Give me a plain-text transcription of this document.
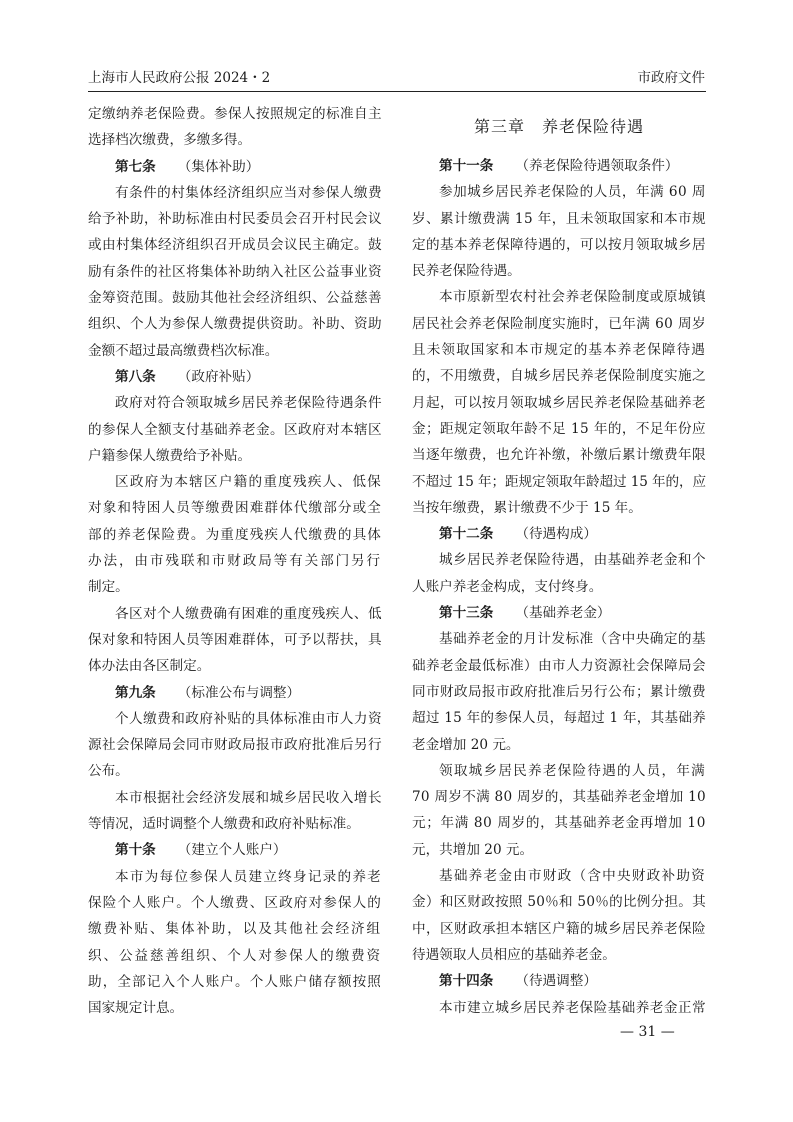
上海市人民政府公报 2024・2	市政府文件
定缴纳养老保险费。参保人按照规定的标准自主
选择档次缴费，多缴多得。
第七条 （集体补助）
有条件的村集体经济组织应当对参保人缴费
给予补助，补助标准由村民委员会召开村民会议
或由村集体经济组织召开成员会议民主确定。鼓
励有条件的社区将集体补助纳入社区公益事业资
金筹资范围。鼓励其他社会经济组织、公益慈善
组织、个人为参保人缴费提供资助。补助、资助
金额不超过最高缴费档次标准。
第八条 （政府补贴）
政府对符合领取城乡居民养老保险待遇条件
的参保人全额支付基础养老金。区政府对本辖区
户籍参保人缴费给予补贴。
区政府为本辖区户籍的重度残疾人、低保
对象和特困人员等缴费困难群体代缴部分或全
部的养老保险费。为重度残疾人代缴费的具体
办法，由市残联和市财政局等有关部门另行
制定。
各区对个人缴费确有困难的重度残疾人、低
保对象和特困人员等困难群体，可予以帮扶，具
体办法由各区制定。
第九条 （标准公布与调整）
个人缴费和政府补贴的具体标准由市人力资
源社会保障局会同市财政局报市政府批准后另行
公布。
本市根据社会经济发展和城乡居民收入增长
等情况，适时调整个人缴费和政府补贴标准。
第十条 （建立个人账户）
本市为每位参保人员建立终身记录的养老
保险个人账户。个人缴费、区政府对参保人的
缴费补贴、集体补助，以及其他社会经济组
织、公益慈善组织、个人对参保人的缴费资
助，全部记入个人账户。个人账户储存额按照
国家规定计息。
第三章　养老保险待遇
第十一条 （养老保险待遇领取条件）
参加城乡居民养老保险的人员，年满 60 周
岁、累计缴费满 15 年，且未领取国家和本市规
定的基本养老保障待遇的，可以按月领取城乡居
民养老保险待遇。
本市原新型农村社会养老保险制度或原城镇
居民社会养老保险制度实施时，已年满 60 周岁
且未领取国家和本市规定的基本养老保障待遇
的，不用缴费，自城乡居民养老保险制度实施之
月起，可以按月领取城乡居民养老保险基础养老
金；距规定领取年龄不足 15 年的，不足年份应
当逐年缴费，也允许补缴，补缴后累计缴费年限
不超过 15 年；距规定领取年龄超过 15 年的，应
当按年缴费，累计缴费不少于 15 年。
第十二条 （待遇构成）
城乡居民养老保险待遇，由基础养老金和个
人账户养老金构成，支付终身。
第十三条 （基础养老金）
基础养老金的月计发标准（含中央确定的基
础养老金最低标准）由市人力资源社会保障局会
同市财政局报市政府批准后另行公布；累计缴费
超过 15 年的参保人员，每超过 1 年，其基础养
老金增加 20 元。
领取城乡居民养老保险待遇的人员，年满
70 周岁不满 80 周岁的，其基础养老金增加 10
元；年满 80 周岁的，其基础养老金再增加 10
元，共增加 20 元。
基础养老金由市财政（含中央财政补助资
金）和区财政按照 50％和 50％的比例分担。其
中，区财政承担本辖区户籍的城乡居民养老保险
待遇领取人员相应的基础养老金。
第十四条 （待遇调整）
本市建立城乡居民养老保险基础养老金正常
— 31 —
